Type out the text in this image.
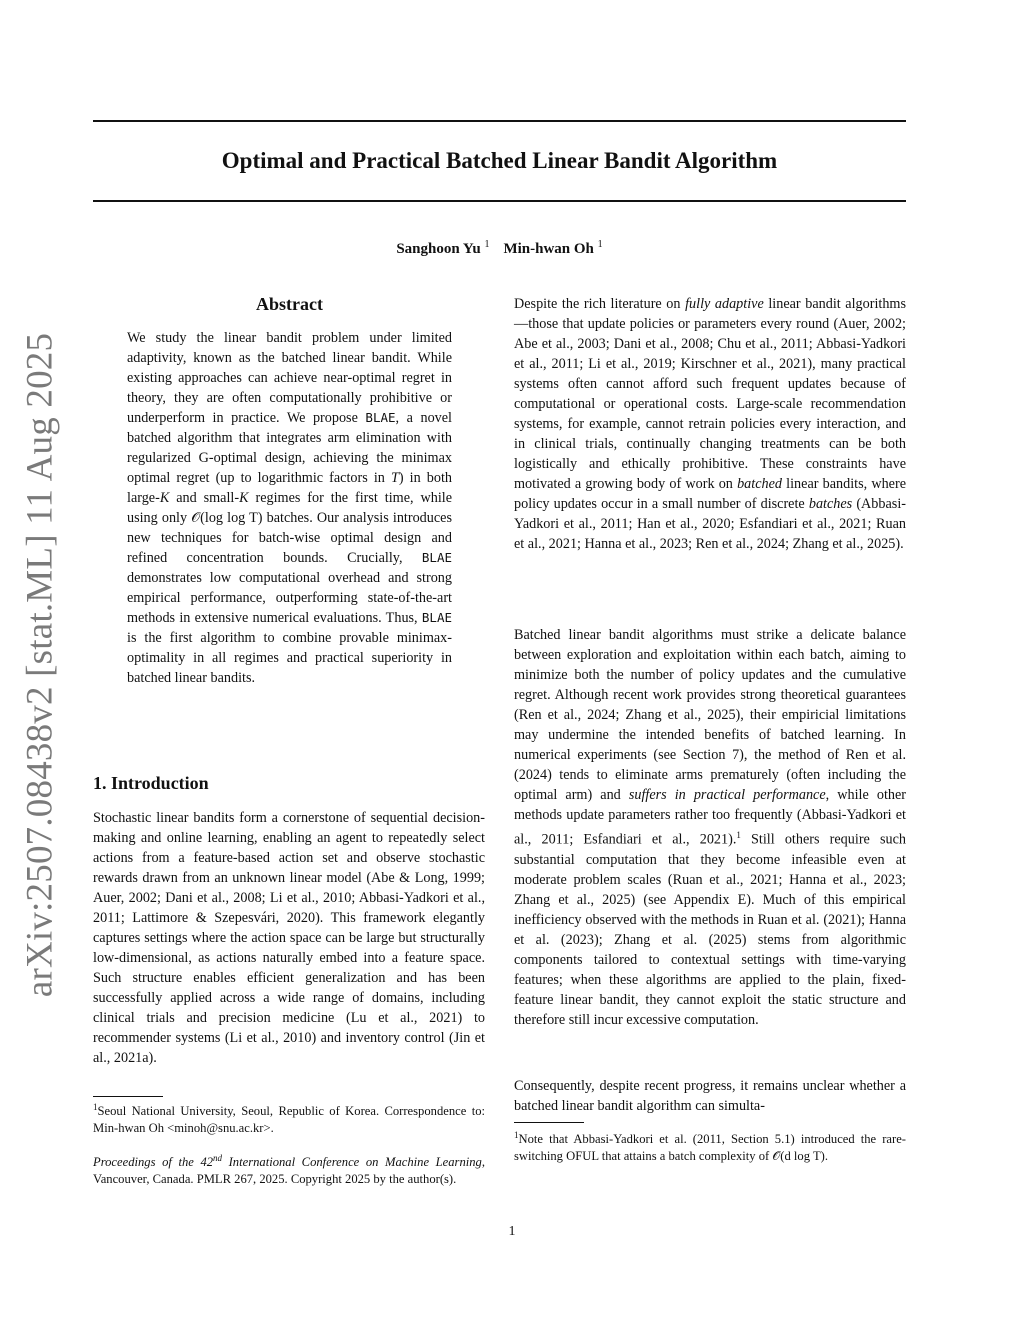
arXiv:2507.08438v2 [stat.ML] 11 Aug 2025
Optimal and Practical Batched Linear Bandit Algorithm
Sanghoon Yu $^1$ Min-hwan Oh $^1$
Abstract

We study the linear bandit problem under limited adaptivity, known as the batched linear bandit. While existing approaches can achieve near-optimal regret in theory, they are often computationally prohibitive or underperform in practice. We propose BLAE, a novel batched algorithm that integrates arm elimination with regularized G-optimal design, achieving the minimax optimal regret (up to logarithmic factors in T) in both large-K and small-K regimes for the first time, while using only 𝒪(log log T) batches. Our analysis introduces new techniques for batch-wise optimal design and refined concentration bounds. Crucially, BLAE demonstrates low computational overhead and strong empirical performance, outperforming state-of-the-art methods in extensive numerical evaluations. Thus, BLAE is the first algorithm to combine provable minimax-optimality in all regimes and practical superiority in batched linear bandits.

1. Introduction

Stochastic linear bandits form a cornerstone of sequential decision-making and online learning, enabling an agent to repeatedly select actions from a feature-based action set and observe stochastic rewards drawn from an unknown linear model (Abe & Long, 1999; Auer, 2002; Dani et al., 2008; Li et al., 2010; Abbasi-Yadkori et al., 2011; Lattimore & Szepesvári, 2020). This framework elegantly captures settings where the action space can be large but structurally low-dimensional, as actions naturally embed into a feature space. Such structure enables efficient generalization and has been successfully applied across a wide range of domains, including clinical trials and precision medicine (Lu et al., 2021) to recommender systems (Li et al., 2010) and inventory control (Jin et al., 2021a).

$^1$Seoul National University, Seoul, Republic of Korea. Correspondence to: Min-hwan Oh <minoh@snu.ac.kr>.

Proceedings of the 42nd International Conference on Machine Learning, Vancouver, Canada. PMLR 267, 2025. Copyright 2025 by the author(s).

Despite the rich literature on fully adaptive linear bandit algorithms—those that update policies or parameters every round (Auer, 2002; Abe et al., 2003; Dani et al., 2008; Chu et al., 2011; Abbasi-Yadkori et al., 2011; Li et al., 2019; Kirschner et al., 2021), many practical systems often cannot afford such frequent updates because of computational or operational costs. Large-scale recommendation systems, for example, cannot retrain policies every interaction, and in clinical trials, continually changing treatments can be both logistically and ethically prohibitive. These constraints have motivated a growing body of work on batched linear bandits, where policy updates occur in a small number of discrete batches (Abbasi-Yadkori et al., 2011; Han et al., 2020; Esfandiari et al., 2021; Ruan et al., 2021; Hanna et al., 2023; Ren et al., 2024; Zhang et al., 2025).

Batched linear bandit algorithms must strike a delicate balance between exploration and exploitation within each batch, aiming to minimize both the number of policy updates and the cumulative regret. Although recent work provides strong theoretical guarantees (Ren et al., 2024; Zhang et al., 2025), their empiricial limitations may undermine the intended benefits of batched learning. In numerical experiments (see Section 7), the method of Ren et al. (2024) tends to eliminate arms prematurely (often including the optimal arm) and suffers in practical performance, while other methods update parameters rather too frequently (Abbasi-Yadkori et al., 2011; Esfandiari et al., 2021).$^1$ Still others require such substantial computation that they become infeasible even at moderate problem scales (Ruan et al., 2021; Hanna et al., 2023; Zhang et al., 2025) (see Appendix E). Much of this empirical inefficiency observed with the methods in Ruan et al. (2021); Hanna et al. (2023); Zhang et al. (2025) stems from algorithmic components tailored to contextual settings with time-varying features; when these algorithms are applied to the plain, fixed-feature linear bandit, they cannot exploit the static structure and therefore still incur excessive computation.

Consequently, despite recent progress, it remains unclear whether a batched linear bandit algorithm can simulta-

$^1$Note that Abbasi-Yadkori et al. (2011, Section 5.1) introduced the rare-switching OFUL that attains a batch complexity of 𝒪(d log T).

1
